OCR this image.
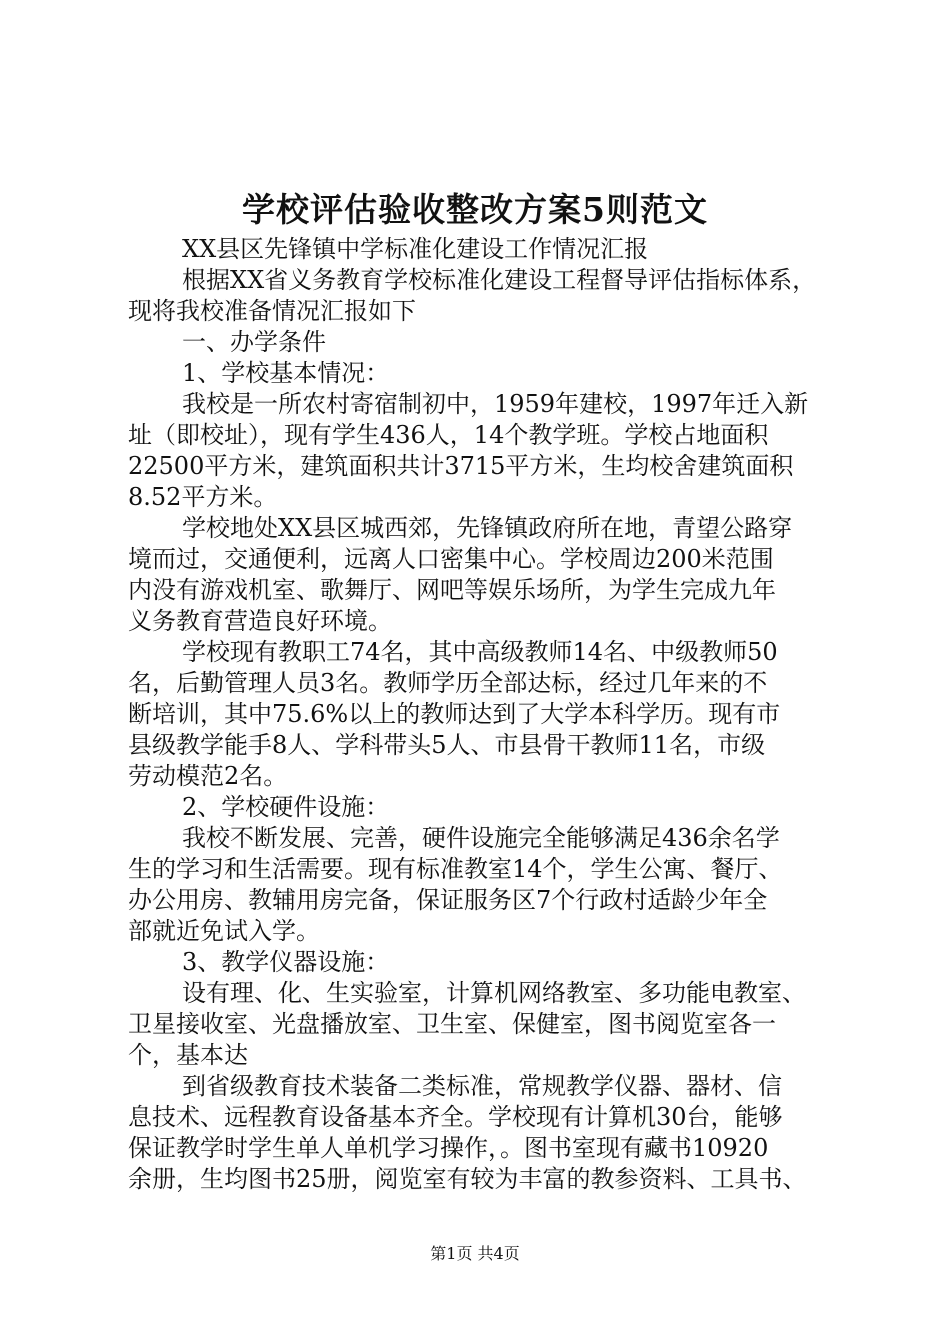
学校评估验收整改方案5则范文
XX县区先锋镇中学标准化建设工作情况汇报
根据XX省义务教育学校标准化建设工程督导评估指标体系，
现将我校准备情况汇报如下
一、办学条件
1、学校基本情况：
我校是一所农村寄宿制初中，1959年建校，1997年迁入新
址（即校址），现有学生436人，14个教学班。学校占地面积
22500平方米，建筑面积共计3715平方米，生均校舍建筑面积
8.52平方米。
学校地处XX县区城西郊，先锋镇政府所在地，青望公路穿
境而过，交通便利，远离人口密集中心。学校周边200米范围
内没有游戏机室、歌舞厅、网吧等娱乐场所，为学生完成九年
义务教育营造良好环境。
学校现有教职工74名，其中高级教师14名、中级教师50
名，后勤管理人员3名。教师学历全部达标，经过几年来的不
断培训，其中75.6%以上的教师达到了大学本科学历。现有市
县级教学能手8人、学科带头5人、市县骨干教师11名，市级
劳动模范2名。
2、学校硬件设施：
我校不断发展、完善，硬件设施完全能够满足436余名学
生的学习和生活需要。现有标准教室14个，学生公寓、餐厅、
办公用房、教辅用房完备，保证服务区7个行政村适龄少年全
部就近免试入学。
3、教学仪器设施：
设有理、化、生实验室，计算机网络教室、多功能电教室、
卫星接收室、光盘播放室、卫生室、保健室，图书阅览室各一
个，基本达
到省级教育技术装备二类标准，常规教学仪器、器材、信
息技术、远程教育设备基本齐全。学校现有计算机30台，能够
保证教学时学生单人单机学习操作，。图书室现有藏书10920
余册，生均图书25册，阅览室有较为丰富的教参资料、工具书、
第1页 共4页
